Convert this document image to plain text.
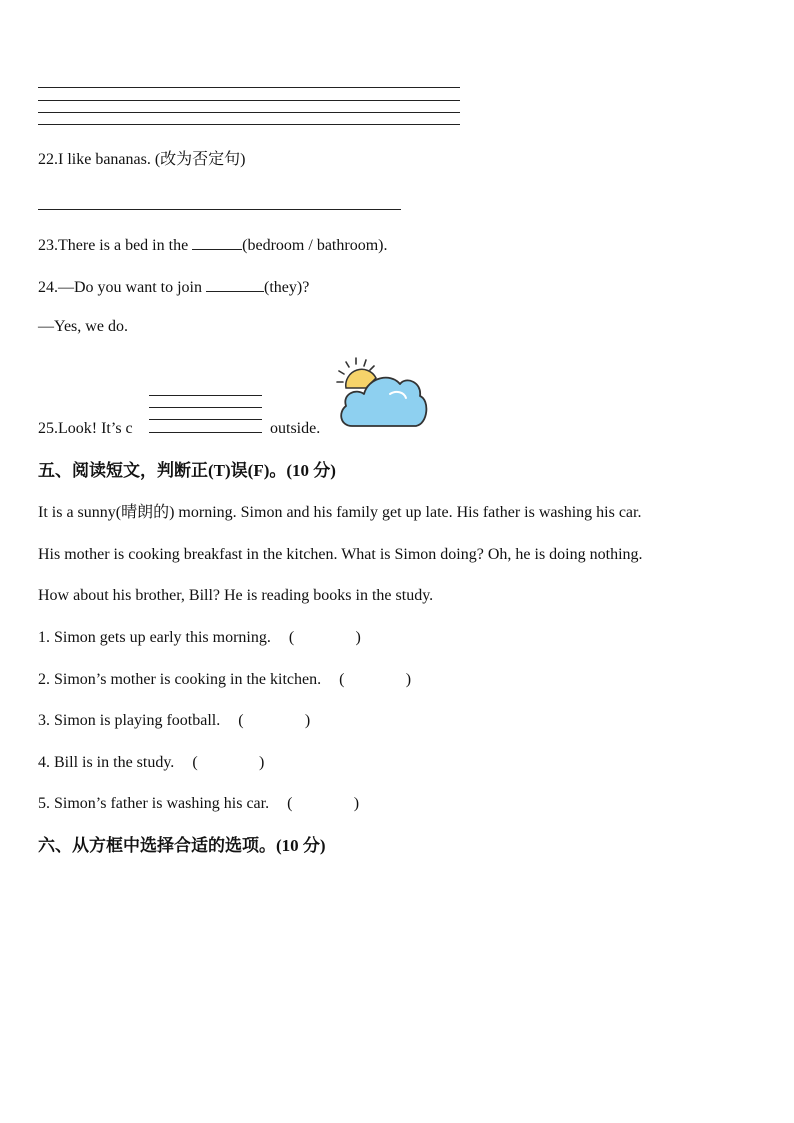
22.I like bananas. (改为否定句)
23.There is a bed in the	(bedroom / bathroom).
24.—Do you want to join	(they)?
—Yes, we do.
25.Look! It’s c	outside.
五、阅读短文，判断正(T)误(F)。(10 分)
It is a sunny(晴朗的) morning. Simon and his family get up late. His father is washing his car.
His mother is cooking breakfast in the kitchen. What is Simon doing? Oh, he is doing nothing.
How about his brother, Bill? He is reading books in the study.
1. Simon gets up early this morning. (	)

2. Simon’s mother is cooking in the kitchen. (	)

3. Simon is playing football. (	)

4. Bill is in the study. (	)

5. Simon’s father is washing his car. (	)

六、从方框中选择合适的选项。(10 分)
